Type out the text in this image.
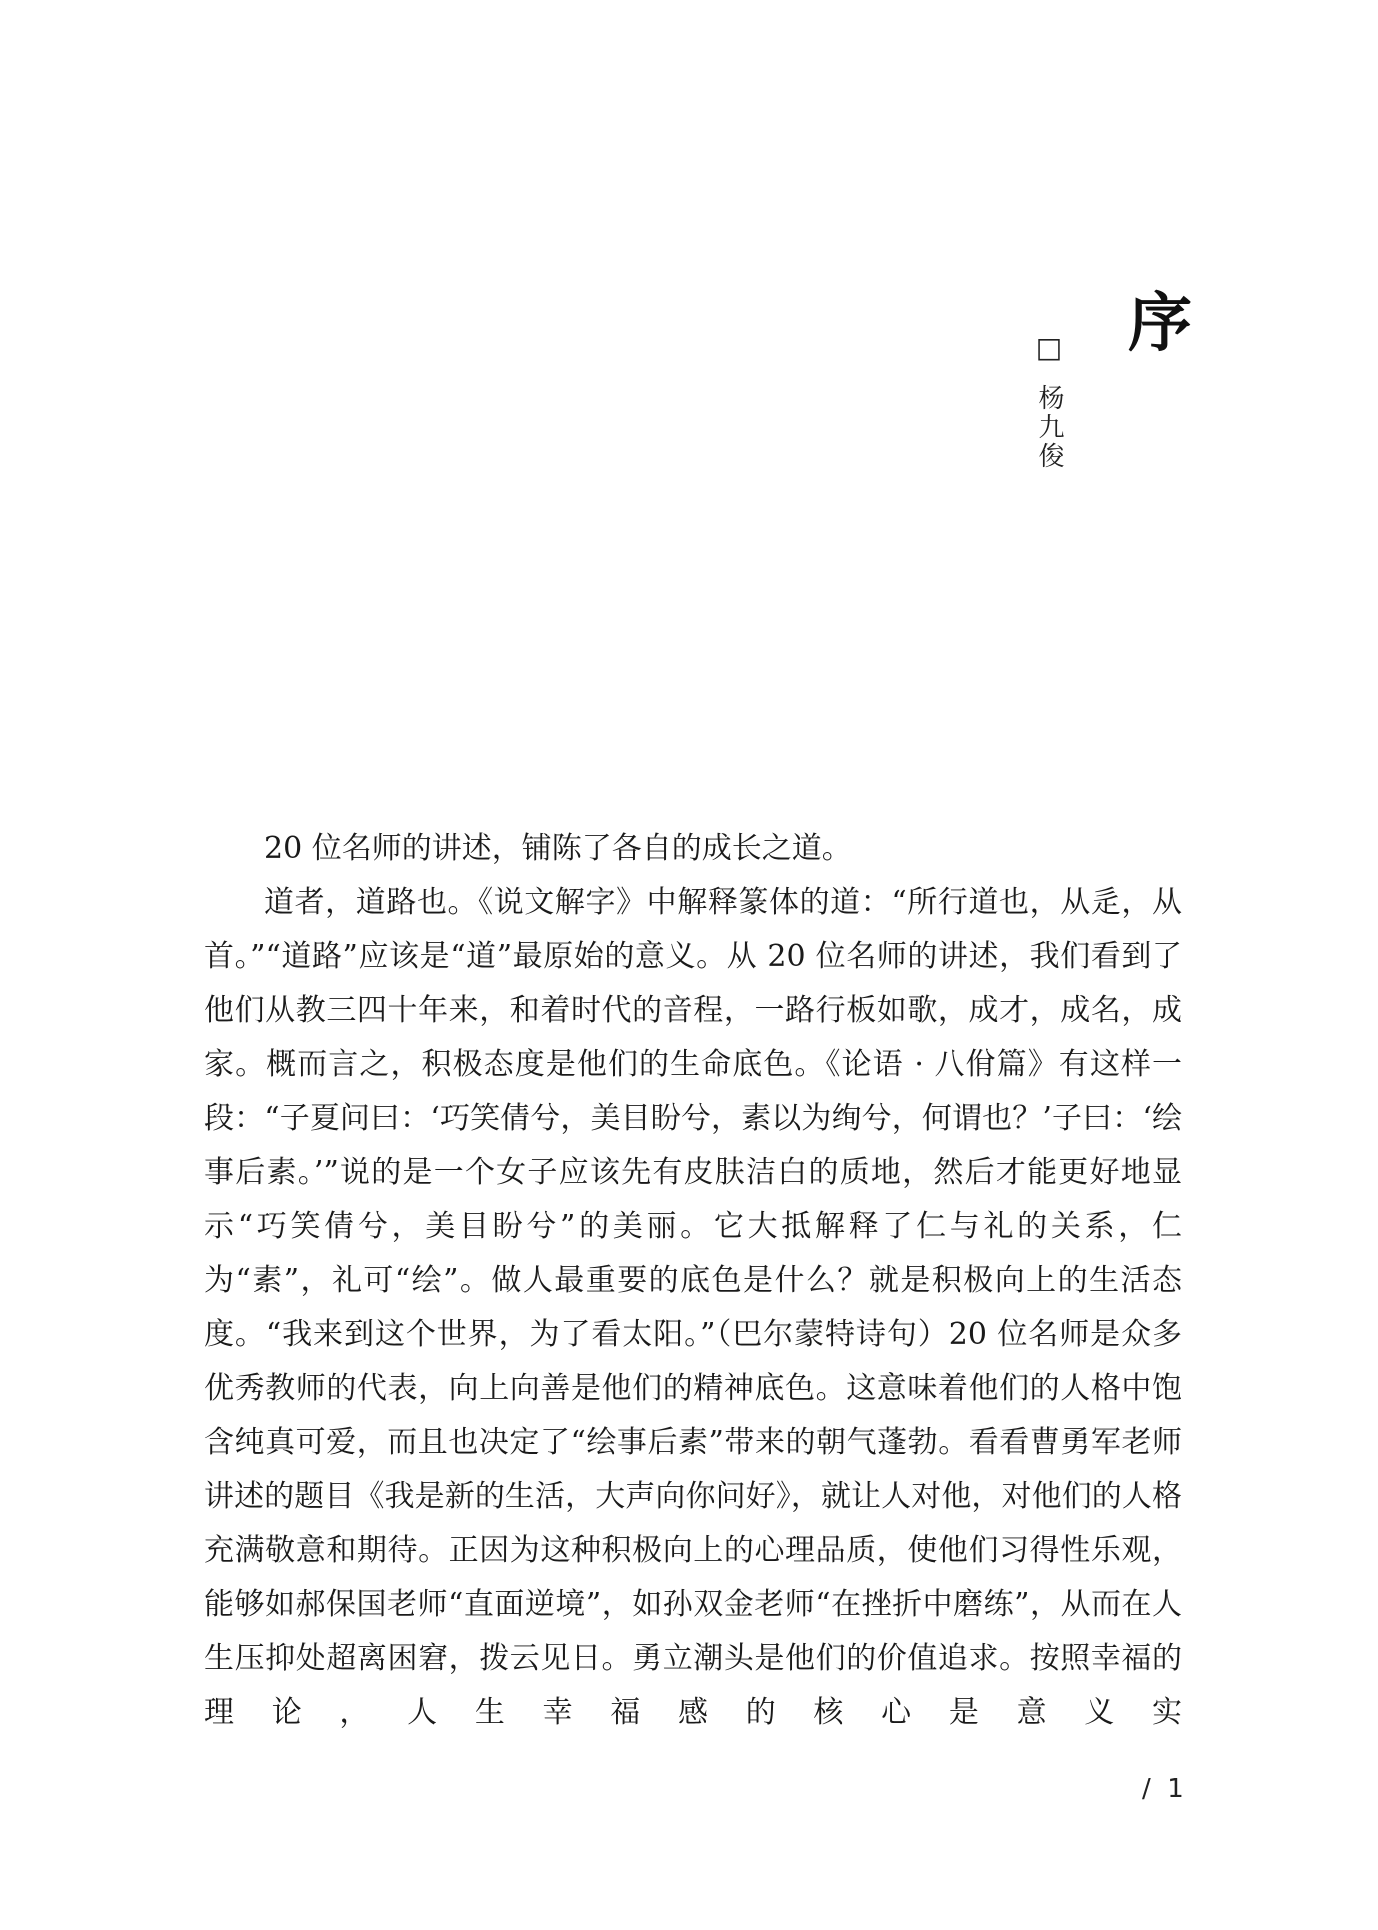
序
□
杨九俊

20 位名师的讲述，铺陈了各自的成长之道。

道者，道路也。《说文解字》中解释篆体的道：“所行道也，从辵，从首。”“道路”应该是“道”最原始的意义。从 20 位名师的讲述，我们看到了他们从教三四十年来，和着时代的音程，一路行板如歌，成才，成名，成家。概而言之，积极态度是他们的生命底色。《论语 · 八佾篇》有这样一段：“子夏问曰：‘巧笑倩兮，美目盼兮，素以为绚兮，何谓也？’子曰：‘绘事后素。’”说的是一个女子应该先有皮肤洁白的质地，然后才能更好地显示“巧笑倩兮，美目盼兮”的美丽。它大抵解释了仁与礼的关系，仁为“素”，礼可“绘”。做人最重要的底色是什么？就是积极向上的生活态度。“我来到这个世界，为了看太阳。”（巴尔蒙特诗句）20 位名师是众多优秀教师的代表，向上向善是他们的精神底色。这意味着他们的人格中饱含纯真可爱，而且也决定了“绘事后素”带来的朝气蓬勃。看看曹勇军老师讲述的题目《我是新的生活，大声向你问好》，就让人对他，对他们的人格充满敬意和期待。正因为这种积极向上的心理品质，使他们习得性乐观，能够如郝保国老师“直面逆境”，如孙双金老师“在挫折中磨练”，从而在人生压抑处超离困窘，拨云见日。勇立潮头是他们的价值追求。按照幸福的理论，人生幸福感的核心是意义实

/  1
